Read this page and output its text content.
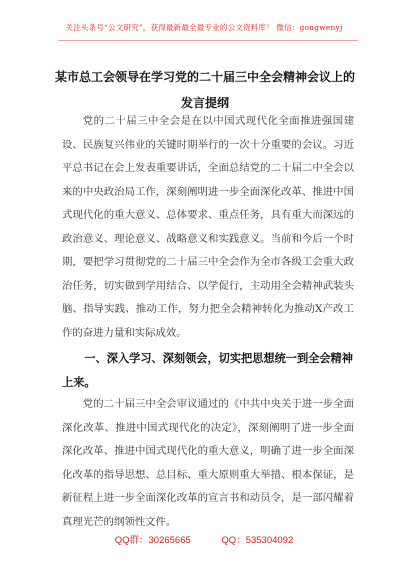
关注头条号“公文研究”，获得最新最全最专业的公文资料库！ 微信：gongwenyj
某市总工会领导在学习党的二十届三中全会精神会议上的
发言提纲

党的二十届三中全会是在以中国式现代化全面推进强国建设、民族复兴伟业的关键时期举行的一次十分重要的会议。习近平总书记在会上发表重要讲话，全面总结党的二十届二中全会以来的中央政治局工作，深刻阐明进一步全面深化改革、推进中国式现代化的重大意义、总体要求、重点任务，具有重大而深远的政治意义、理论意义、战略意义和实践意义。当前和今后一个时期，要把学习贯彻党的二十届三中全会作为全市各级工会重大政治任务，切实做到学用结合、以学促行，主动用全会精神武装头脑、指导实践、推动工作，努力把全会精神转化为推动X产改工作的奋进力量和实际成效。

一、深入学习、深刻领会，切实把思想统一到全会精神上来。

党的二十届三中全会审议通过的《中共中央关于进一步全面深化改革、推进中国式现代化的决定》，深刻阐明了进一步全面深化改革、推进中国式现代化的重大意义，明确了进一步全面深化改革的指导思想、总目标、重大原则重大举措、根本保证，是新征程上进一步全面深化改革的宣言书和动员令，是一部闪耀着真理光芒的纲领性文件。

QQ群：30265665	QQ：535304092
